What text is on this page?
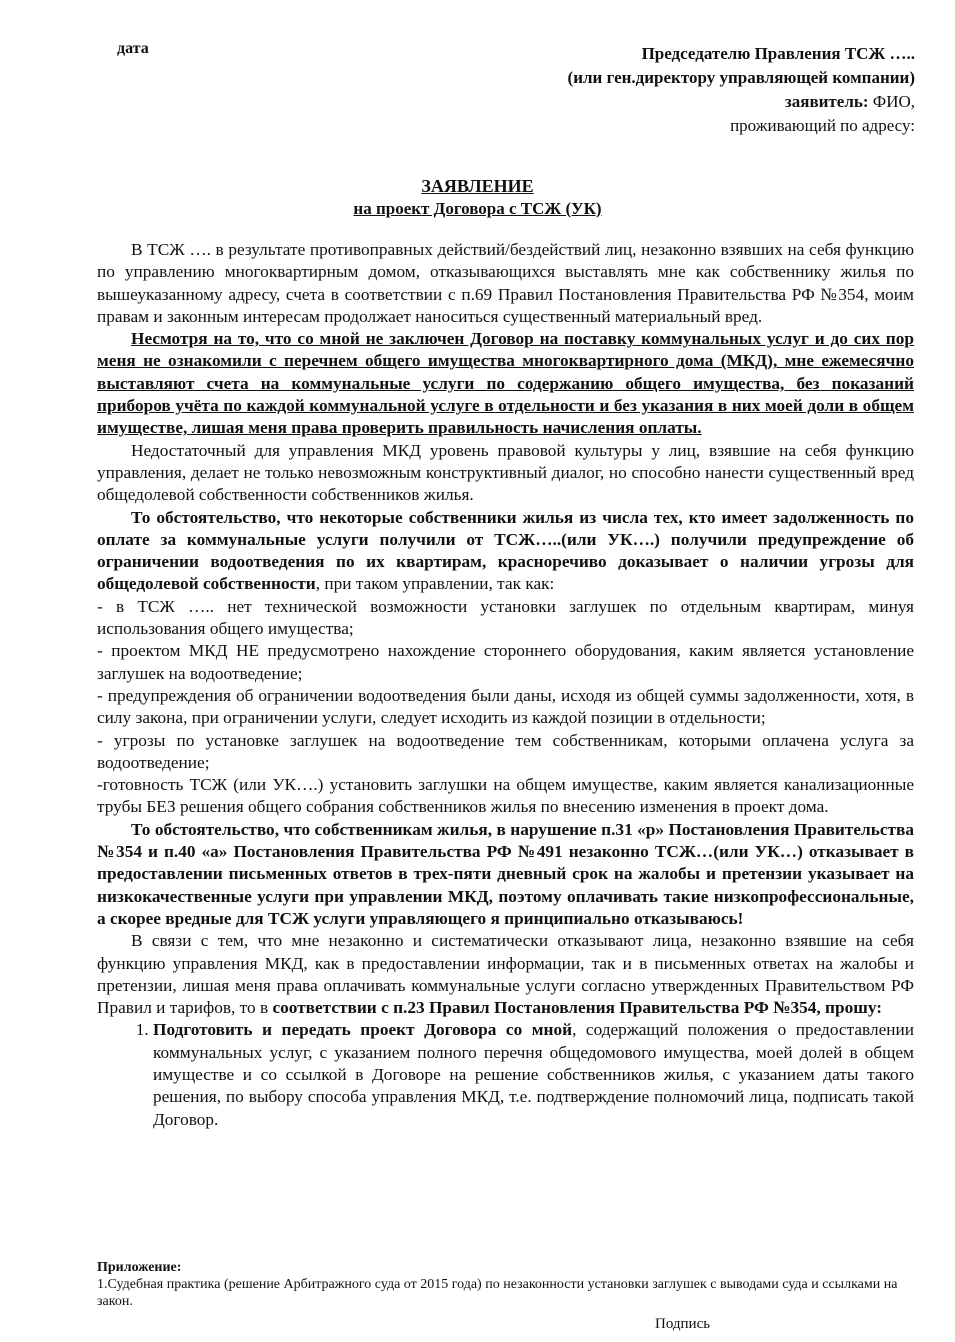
дата	Председателю Правления ТСЖ …..
(или ген.директору управляющей компании)
заявитель: ФИО,
проживающий по адресу:
ЗАЯВЛЕНИЕ
на проект Договора с ТСЖ (УК)

В ТСЖ …. в результате противоправных действий/бездействий лиц, незаконно взявших на себя функцию по управлению многоквартирным домом, отказывающихся выставлять мне как собственнику жилья по вышеуказанному адресу, счета в соответствии с п.69 Правил Постановления Правительства РФ №354, моим правам и законным интересам продолжает наноситься существенный материальный вред.

Несмотря на то, что со мной не заключен Договор на поставку коммунальных услуг и до сих пор меня не ознакомили с перечнем общего имущества многоквартирного дома (МКД), мне ежемесячно выставляют счета на коммунальные услуги по содержанию общего имущества, без показаний приборов учёта по каждой коммунальной услуге в отдельности и без указания в них моей доли в общем имуществе, лишая меня права проверить правильность начисления оплаты.

Недостаточный для управления МКД уровень правовой культуры у лиц, взявшие на себя функцию управления, делает не только невозможным конструктивный диалог, но способно нанести существенный вред общедолевой собственности собственников жилья.

То обстоятельство, что некоторые собственники жилья из числа тех, кто имеет задолженность по оплате за коммунальные услуги получили от ТСЖ…..(или УК….) получили предупреждение об ограничении водоотведения по их квартирам, красноречиво доказывает о наличии угрозы для общедолевой собственности, при таком управлении, так как:

- в ТСЖ ….. нет технической возможности установки заглушек по отдельным квартирам, минуя использования общего имущества;

- проектом МКД НЕ предусмотрено нахождение стороннего оборудования, каким является установление заглушек на водоотведение;

- предупреждения об ограничении водоотведения были даны, исходя из общей суммы задолженности, хотя, в силу закона, при ограничении услуги, следует исходить из каждой позиции в отдельности;

- угрозы по установке заглушек на водоотведение тем собственникам, которыми оплачена услуга за водоотведение;

-готовность ТСЖ (или УК….) установить заглушки на общем имуществе, каким является канализационные трубы БЕЗ решения общего собрания собственников жилья по внесению изменения в проект дома.

То обстоятельство, что собственникам жилья, в нарушение п.31 «р» Постановления Правительства №354 и п.40 «а» Постановления Правительства РФ №491 незаконно ТСЖ…(или УК…) отказывает в предоставлении письменных ответов в трех-пяти дневный срок на жалобы и претензии указывает на низкокачественные услуги при управлении МКД, поэтому оплачивать такие низкопрофессиональные, а скорее вредные для ТСЖ услуги управляющего я принципиально отказываюсь!

В связи с тем, что мне незаконно и систематически отказывают лица, незаконно взявшие на себя функцию управления МКД, как в предоставлении информации, так и в письменных ответах на жалобы и претензии, лишая меня права оплачивать коммунальные услуги согласно утвержденных Правительством РФ Правил и тарифов, то в соответствии с п.23 Правил Постановления Правительства РФ №354, прошу:

1. Подготовить и передать проект Договора со мной, содержащий положения о предоставлении коммунальных услуг, с указанием полного перечня общедомового имущества, моей долей в общем имуществе и со ссылкой в Договоре на решение собственников жилья, с указанием даты такого решения, по выбору способа управления МКД, т.е. подтверждение полномочий лица, подписать такой Договор.
Приложение:
1.Судебная практика (решение Арбитражного суда от 2015 года) по незаконности установки заглушек с выводами суда и ссылками на закон.
Подпись
